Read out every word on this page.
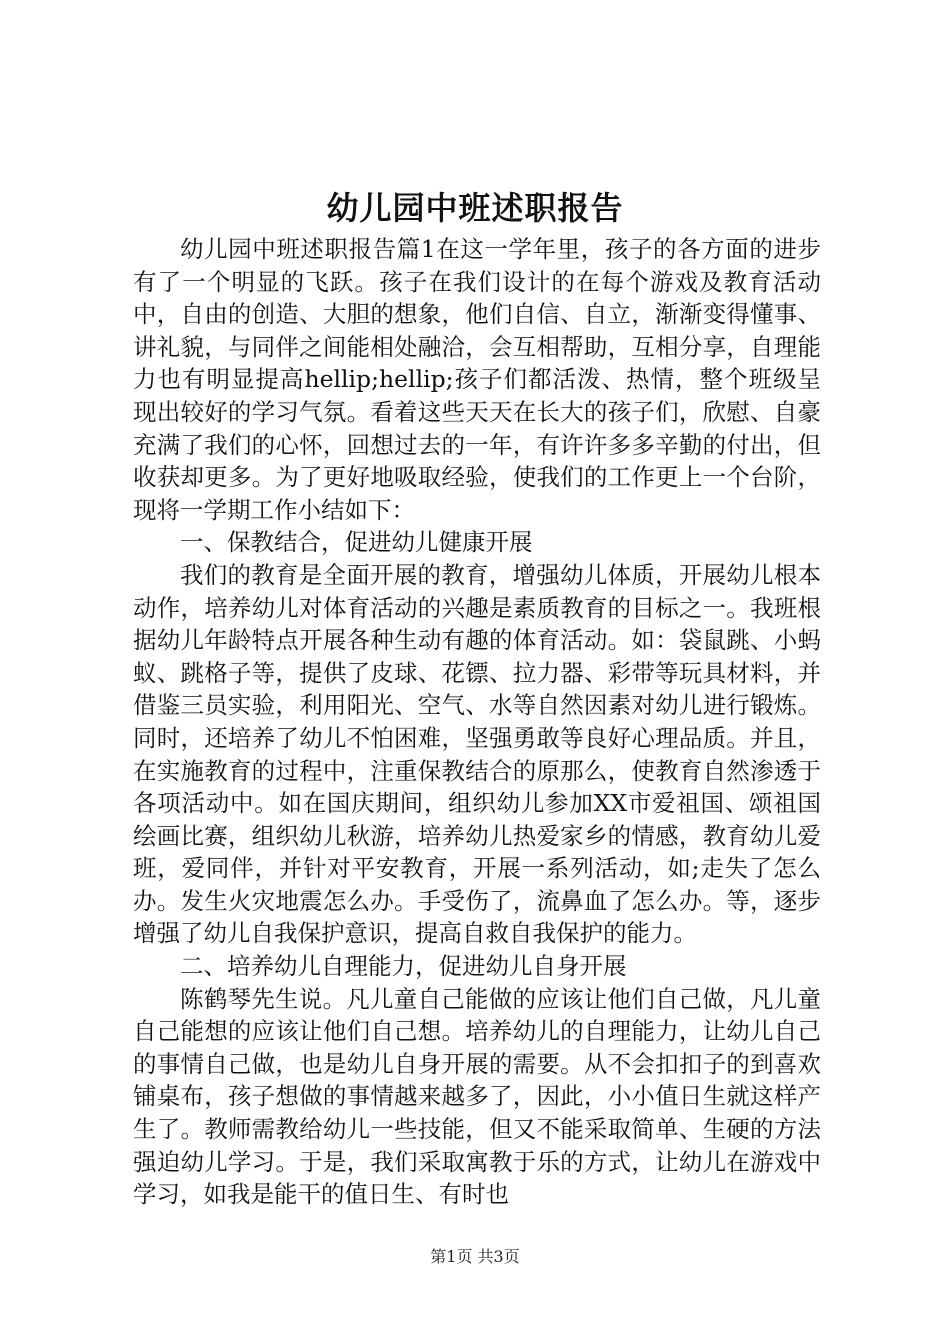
幼儿园中班述职报告

幼儿园中班述职报告篇1在这一学年里，孩子的各方面的进步有了一个明显的飞跃。孩子在我们设计的在每个游戏及教育活动中，自由的创造、大胆的想象，他们自信、自立，渐渐变得懂事、讲礼貌，与同伴之间能相处融洽，会互相帮助，互相分享，自理能力也有明显提高hellip;hellip;孩子们都活泼、热情，整个班级呈现出较好的学习气氛。看着这些天天在长大的孩子们，欣慰、自豪充满了我们的心怀，回想过去的一年，有许许多多辛勤的付出，但收获却更多。为了更好地吸取经验，使我们的工作更上一个台阶，现将一学期工作小结如下：

一、保教结合，促进幼儿健康开展

我们的教育是全面开展的教育，增强幼儿体质，开展幼儿根本动作，培养幼儿对体育活动的兴趣是素质教育的目标之一。我班根据幼儿年龄特点开展各种生动有趣的体育活动。如：袋鼠跳、小蚂蚁、跳格子等，提供了皮球、花镖、拉力器、彩带等玩具材料，并借鉴三员实验，利用阳光、空气、水等自然因素对幼儿进行锻炼。同时，还培养了幼儿不怕困难，坚强勇敢等良好心理品质。并且，在实施教育的过程中，注重保教结合的原那么，使教育自然渗透于各项活动中。如在国庆期间，组织幼儿参加XX市爱祖国、颂祖国绘画比赛，组织幼儿秋游，培养幼儿热爱家乡的情感，教育幼儿爱班，爱同伴，并针对平安教育，开展一系列活动，如;走失了怎么办。发生火灾地震怎么办。手受伤了，流鼻血了怎么办。等，逐步增强了幼儿自我保护意识，提高自救自我保护的能力。

二、培养幼儿自理能力，促进幼儿自身开展

陈鹤琴先生说。凡儿童自己能做的应该让他们自己做，凡儿童自己能想的应该让他们自己想。培养幼儿的自理能力，让幼儿自己的事情自己做，也是幼儿自身开展的需要。从不会扣扣子的到喜欢铺桌布，孩子想做的事情越来越多了，因此，小小值日生就这样产生了。教师需教给幼儿一些技能，但又不能采取简单、生硬的方法强迫幼儿学习。于是，我们采取寓教于乐的方式，让幼儿在游戏中学习，如我是能干的值日生、有时也

第1页 共3页
